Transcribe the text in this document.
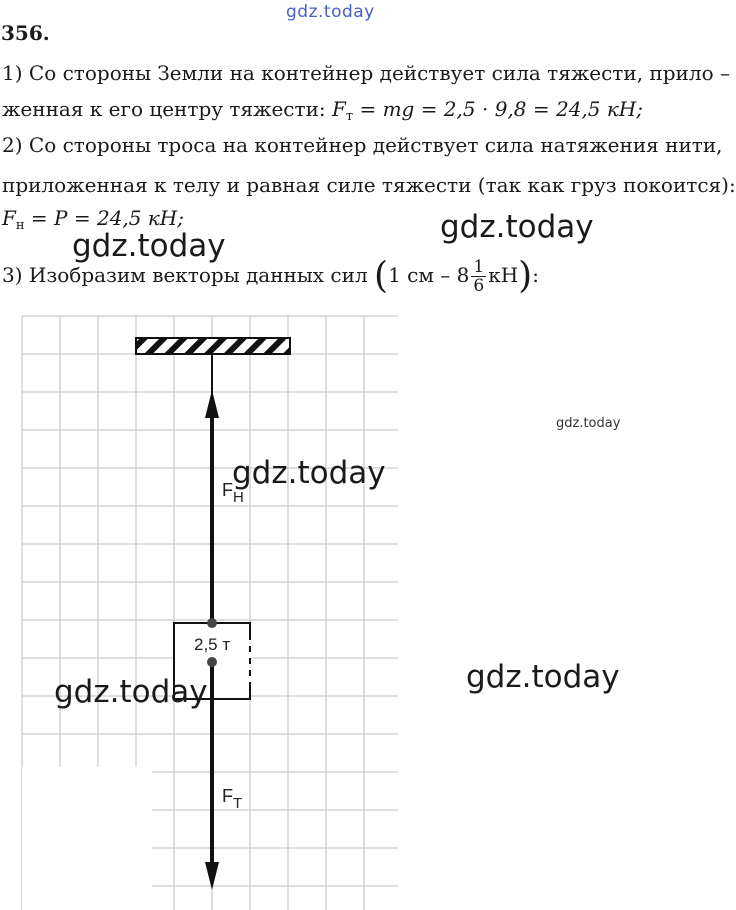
gdz.today
356.
1) Со стороны Земли на контейнер действует сила тяжести, прило –
женная к его центру тяжести: $F_т$ = mg = 2,5 · 9,8 = 24,5 кН;
2) Со стороны троса на контейнер действует сила натяжения нити,
приложенная к телу и равная силе тяжести (так как груз покоится):
$F_н = P = 24,5$ кН;
3) Изобразим векторы данных сил (1 см – $8 \frac{1}{6} кН$):
2,5 т
$F_Н$
$F_Т$
gdz.today
gdz.today
gdz.today
gdz.today
gdz.today
gdz.today
